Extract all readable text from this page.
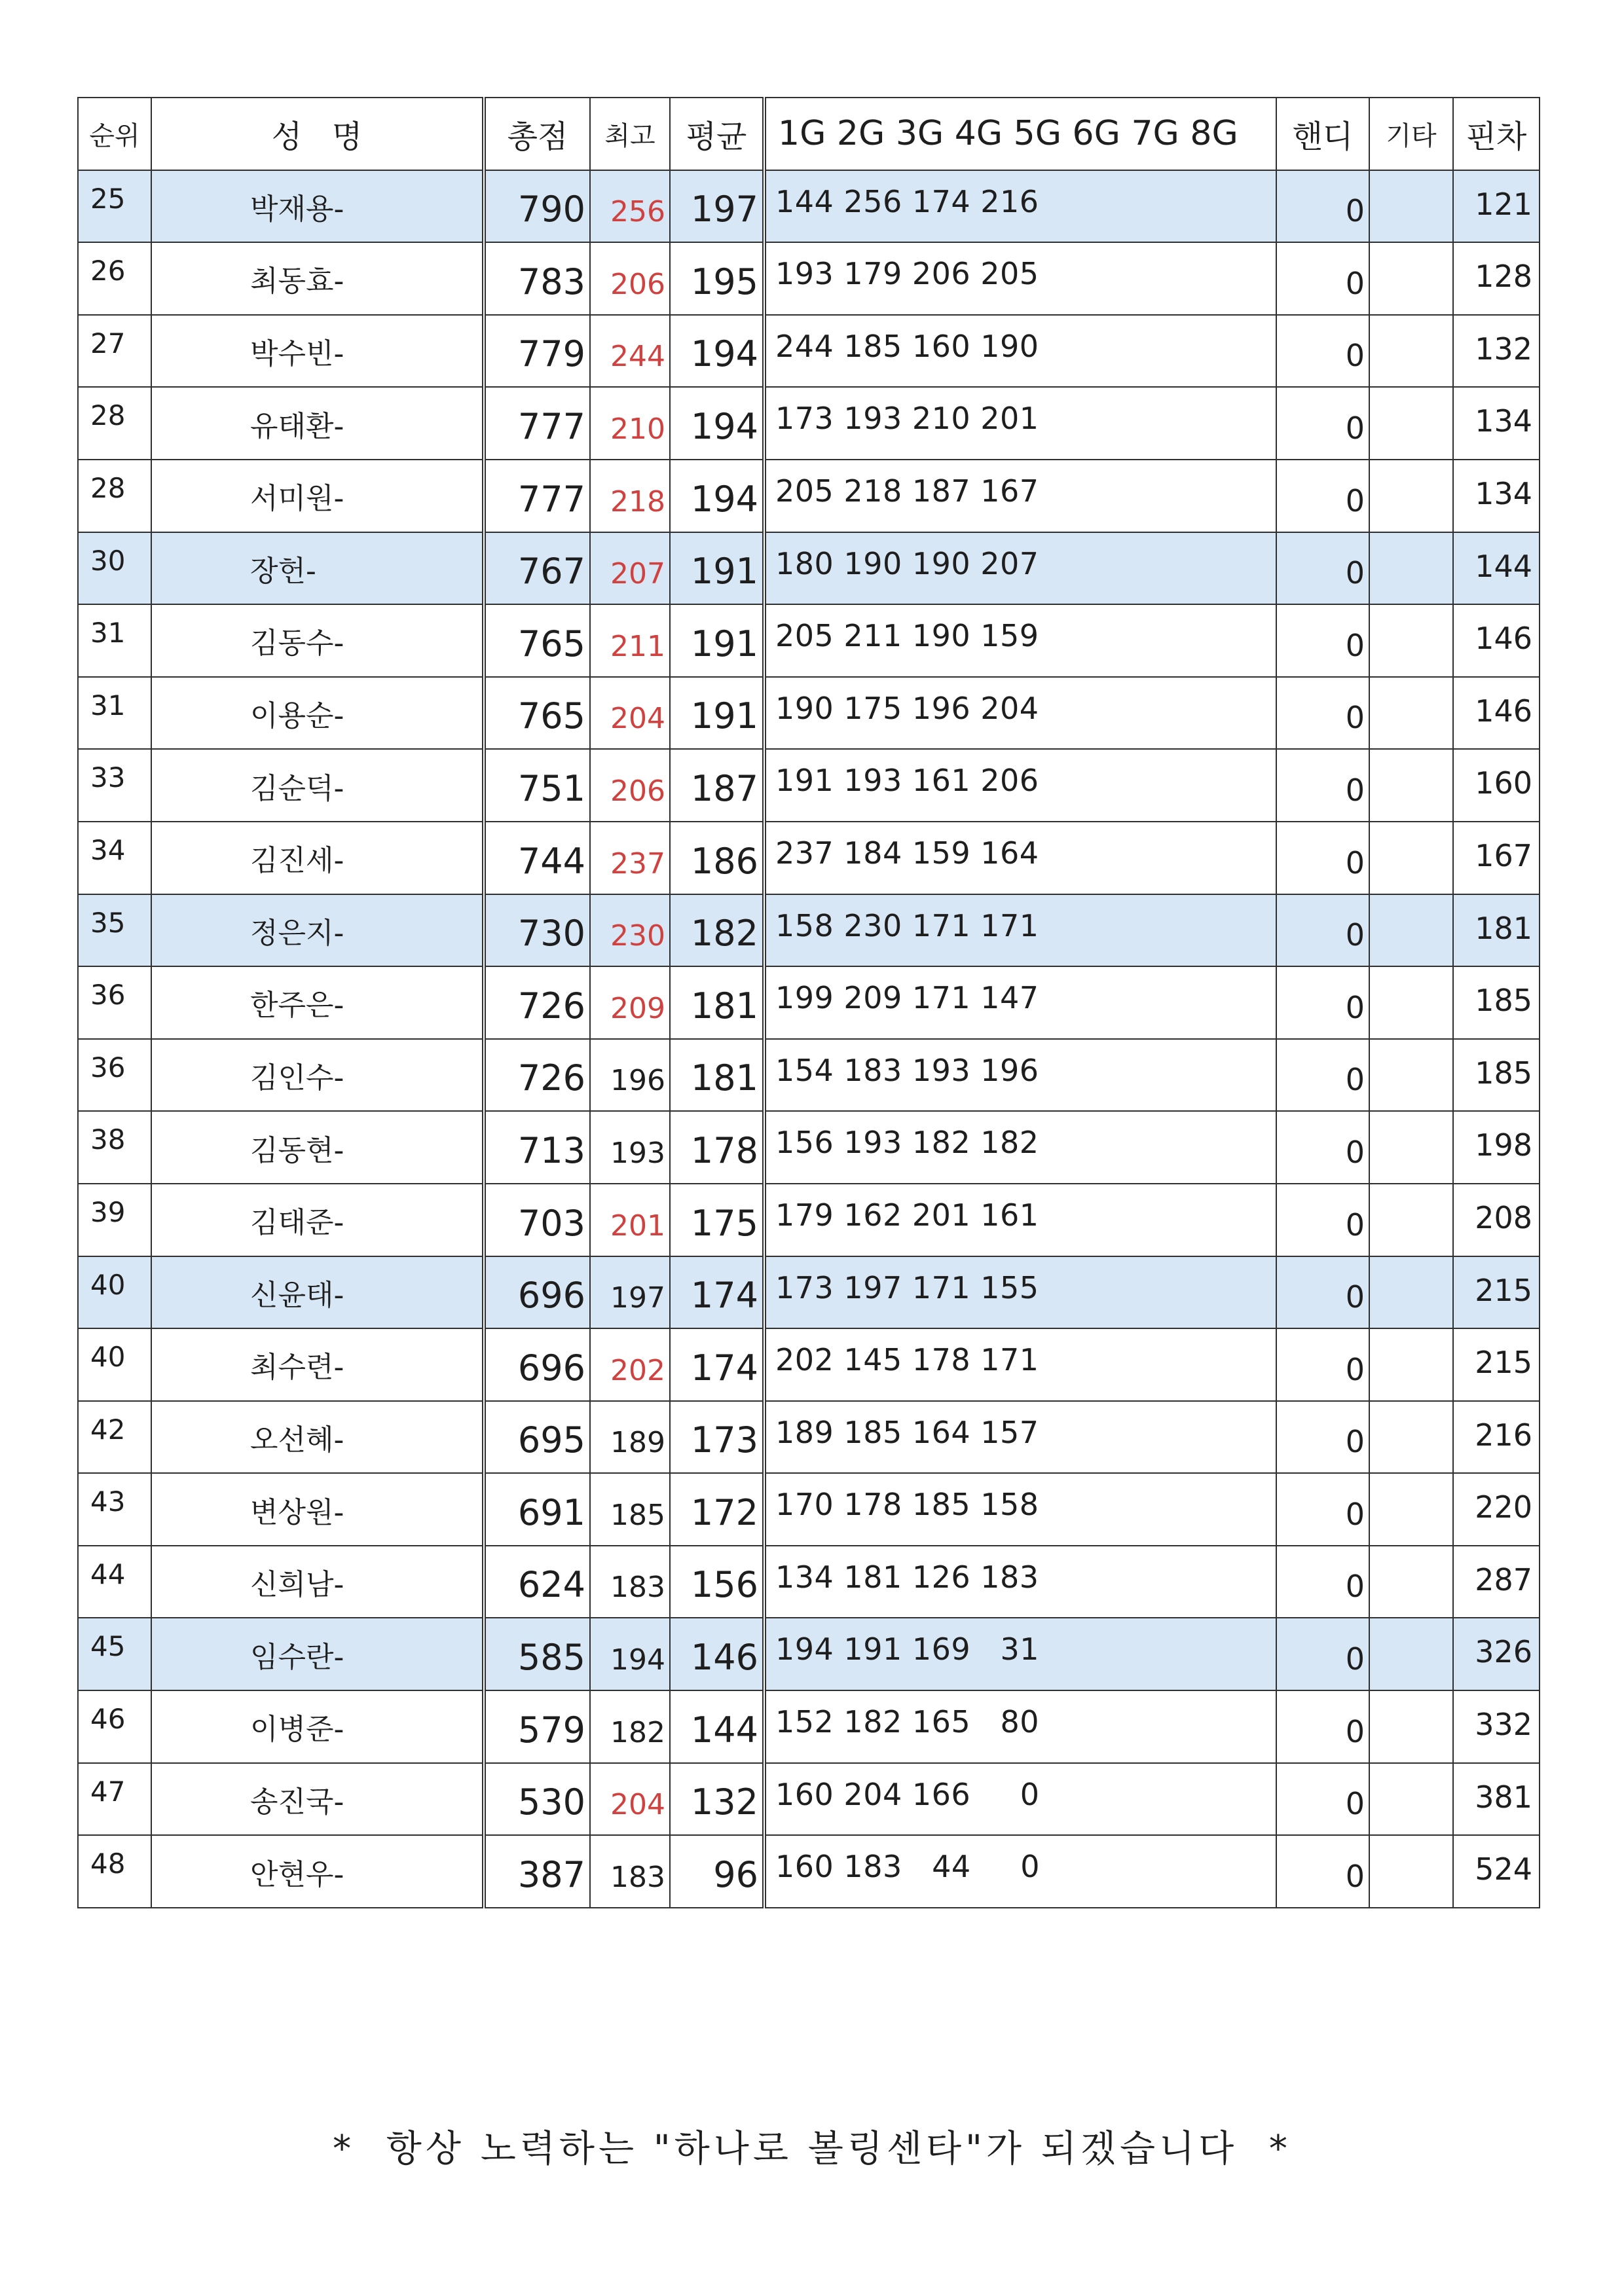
순위	성   명	총점	최고	평균	1G 2G 3G 4G 5G 6G 7G 8G	핸디	기타	핀차
25	박재용-	790	256	197	144 256 174 216	0		121
26	최동효-	783	206	195	193 179 206 205	0		128
27	박수빈-	779	244	194	244 185 160 190	0		132
28	유태환-	777	210	194	173 193 210 201	0		134
28	서미원-	777	218	194	205 218 187 167	0		134
30	장헌-	767	207	191	180 190 190 207	0		144
31	김동수-	765	211	191	205 211 190 159	0		146
31	이용순-	765	204	191	190 175 196 204	0		146
33	김순덕-	751	206	187	191 193 161 206	0		160
34	김진세-	744	237	186	237 184 159 164	0		167
35	정은지-	730	230	182	158 230 171 171	0		181
36	한주은-	726	209	181	199 209 171 147	0		185
36	김인수-	726	196	181	154 183 193 196	0		185
38	김동현-	713	193	178	156 193 182 182	0		198
39	김태준-	703	201	175	179 162 201 161	0		208
40	신윤태-	696	197	174	173 197 171 155	0		215
40	최수련-	696	202	174	202 145 178 171	0		215
42	오선혜-	695	189	173	189 185 164 157	0		216
43	변상원-	691	185	172	170 178 185 158	0		220
44	신희남-	624	183	156	134 181 126 183	0		287
45	임수란-	585	194	146	194 191 169   31	0		326
46	이병준-	579	182	144	152 182 165   80	0		332
47	송진국-	530	204	132	160 204 166     0	0		381
48	안현우-	387	183	96	160 183   44     0	0		524
*  항상 노력하는 "하나로 볼링센타"가 되겠습니다  *
